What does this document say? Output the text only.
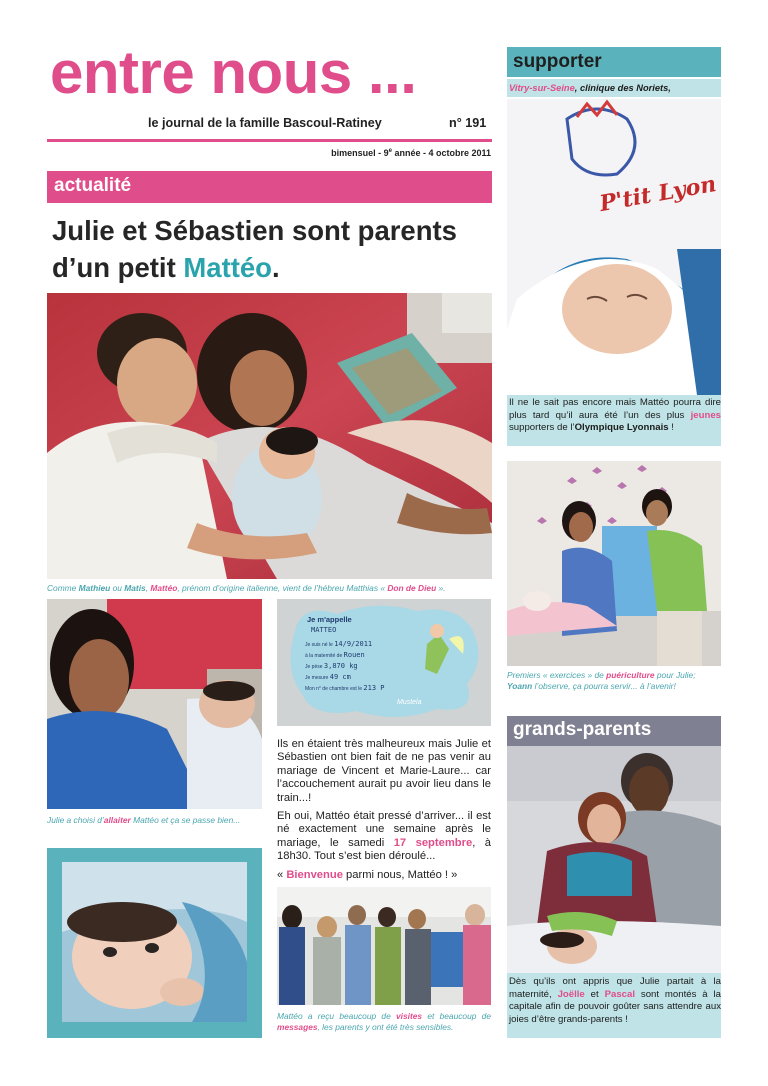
entre nous ...
le journal de la famille Bascoul-Ratiney	n° 191
bimensuel - 9e année - 4 octobre 2011
actualité
Julie et Sébastien sont parents
d’un petit Mattéo.
Comme Mathieu ou Matis, Mattéo, prénom d’origine italienne, vient de l’hébreu Matthias « Don de Dieu ».
Julie a choisi d’allaiter Mattéo et ça se passe bien...
Je m'appelle
MATTEO
Je suis né le 14/9/2011
à la maternité de Rouen
Je pèse 3,870 kg
Je mesure 49 cm
Mon n° de chambre est le 213 P
Mustela

Ils en étaient très malheureux mais Julie et Sébastien ont bien fait de ne pas venir au mariage de Vincent et Marie-Laure... car l’accouchement aurait pu avoir lieu dans le train...!

Eh oui, Mattéo était pressé d’arriver... il est né exactement une semaine après le mariage, le samedi 17 septembre, à 18h30. Tout s’est bien déroulé...

« Bienvenue parmi nous, Mattéo ! »

Mattéo a reçu beaucoup de visites et beaucoup de messages, les parents y ont été très sensibles.
supporter
Vitry-sur-Seine, clinique des Noriets,
P'tit Lyon
Il ne le sait pas encore mais Mattéo pourra dire plus tard qu’il aura été l’un des plus jeunes supporters de l’Olympique Lyonnais !
Premiers « exercices » de puériculture pour Julie; Yoann l’observe, ça pourra servir... à l’avenir!
grands-parents
Dès qu’ils ont appris que Julie partait à la maternité, Joëlle et Pascal sont montés à la capitale afin de pouvoir goûter sans attendre aux joies d’être grands-parents !
